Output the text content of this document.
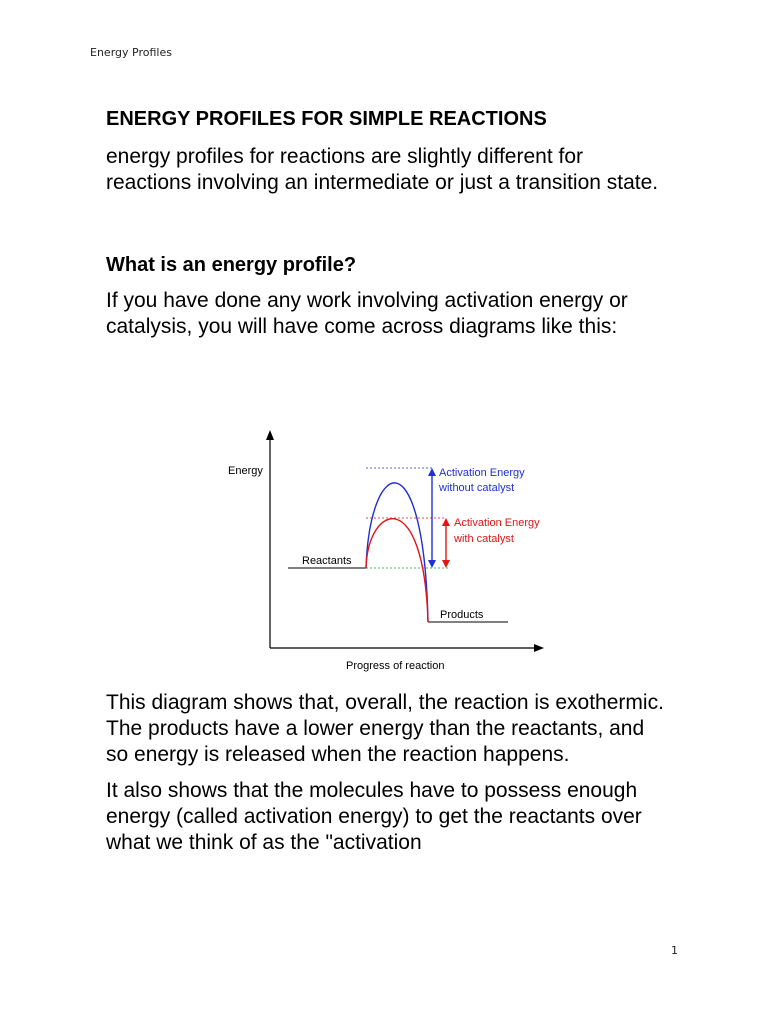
Energy Profiles
ENERGY PROFILES FOR SIMPLE REACTIONS

energy profiles for reactions are slightly different for reactions involving an intermediate or just a transition state.

What is an energy profile?

If you have done any work involving activation energy or catalysis, you will have come across diagrams like this:

Energy
Progress of reaction
Reactants
Products
Activation Energy
without catalyst
Activation Energy
with catalyst

This diagram shows that, overall, the reaction is exothermic. The products have a lower energy than the reactants, and so energy is released when the reaction happens.

It also shows that the molecules have to possess enough energy (called activation energy) to get the reactants over what we think of as the "activation

1
